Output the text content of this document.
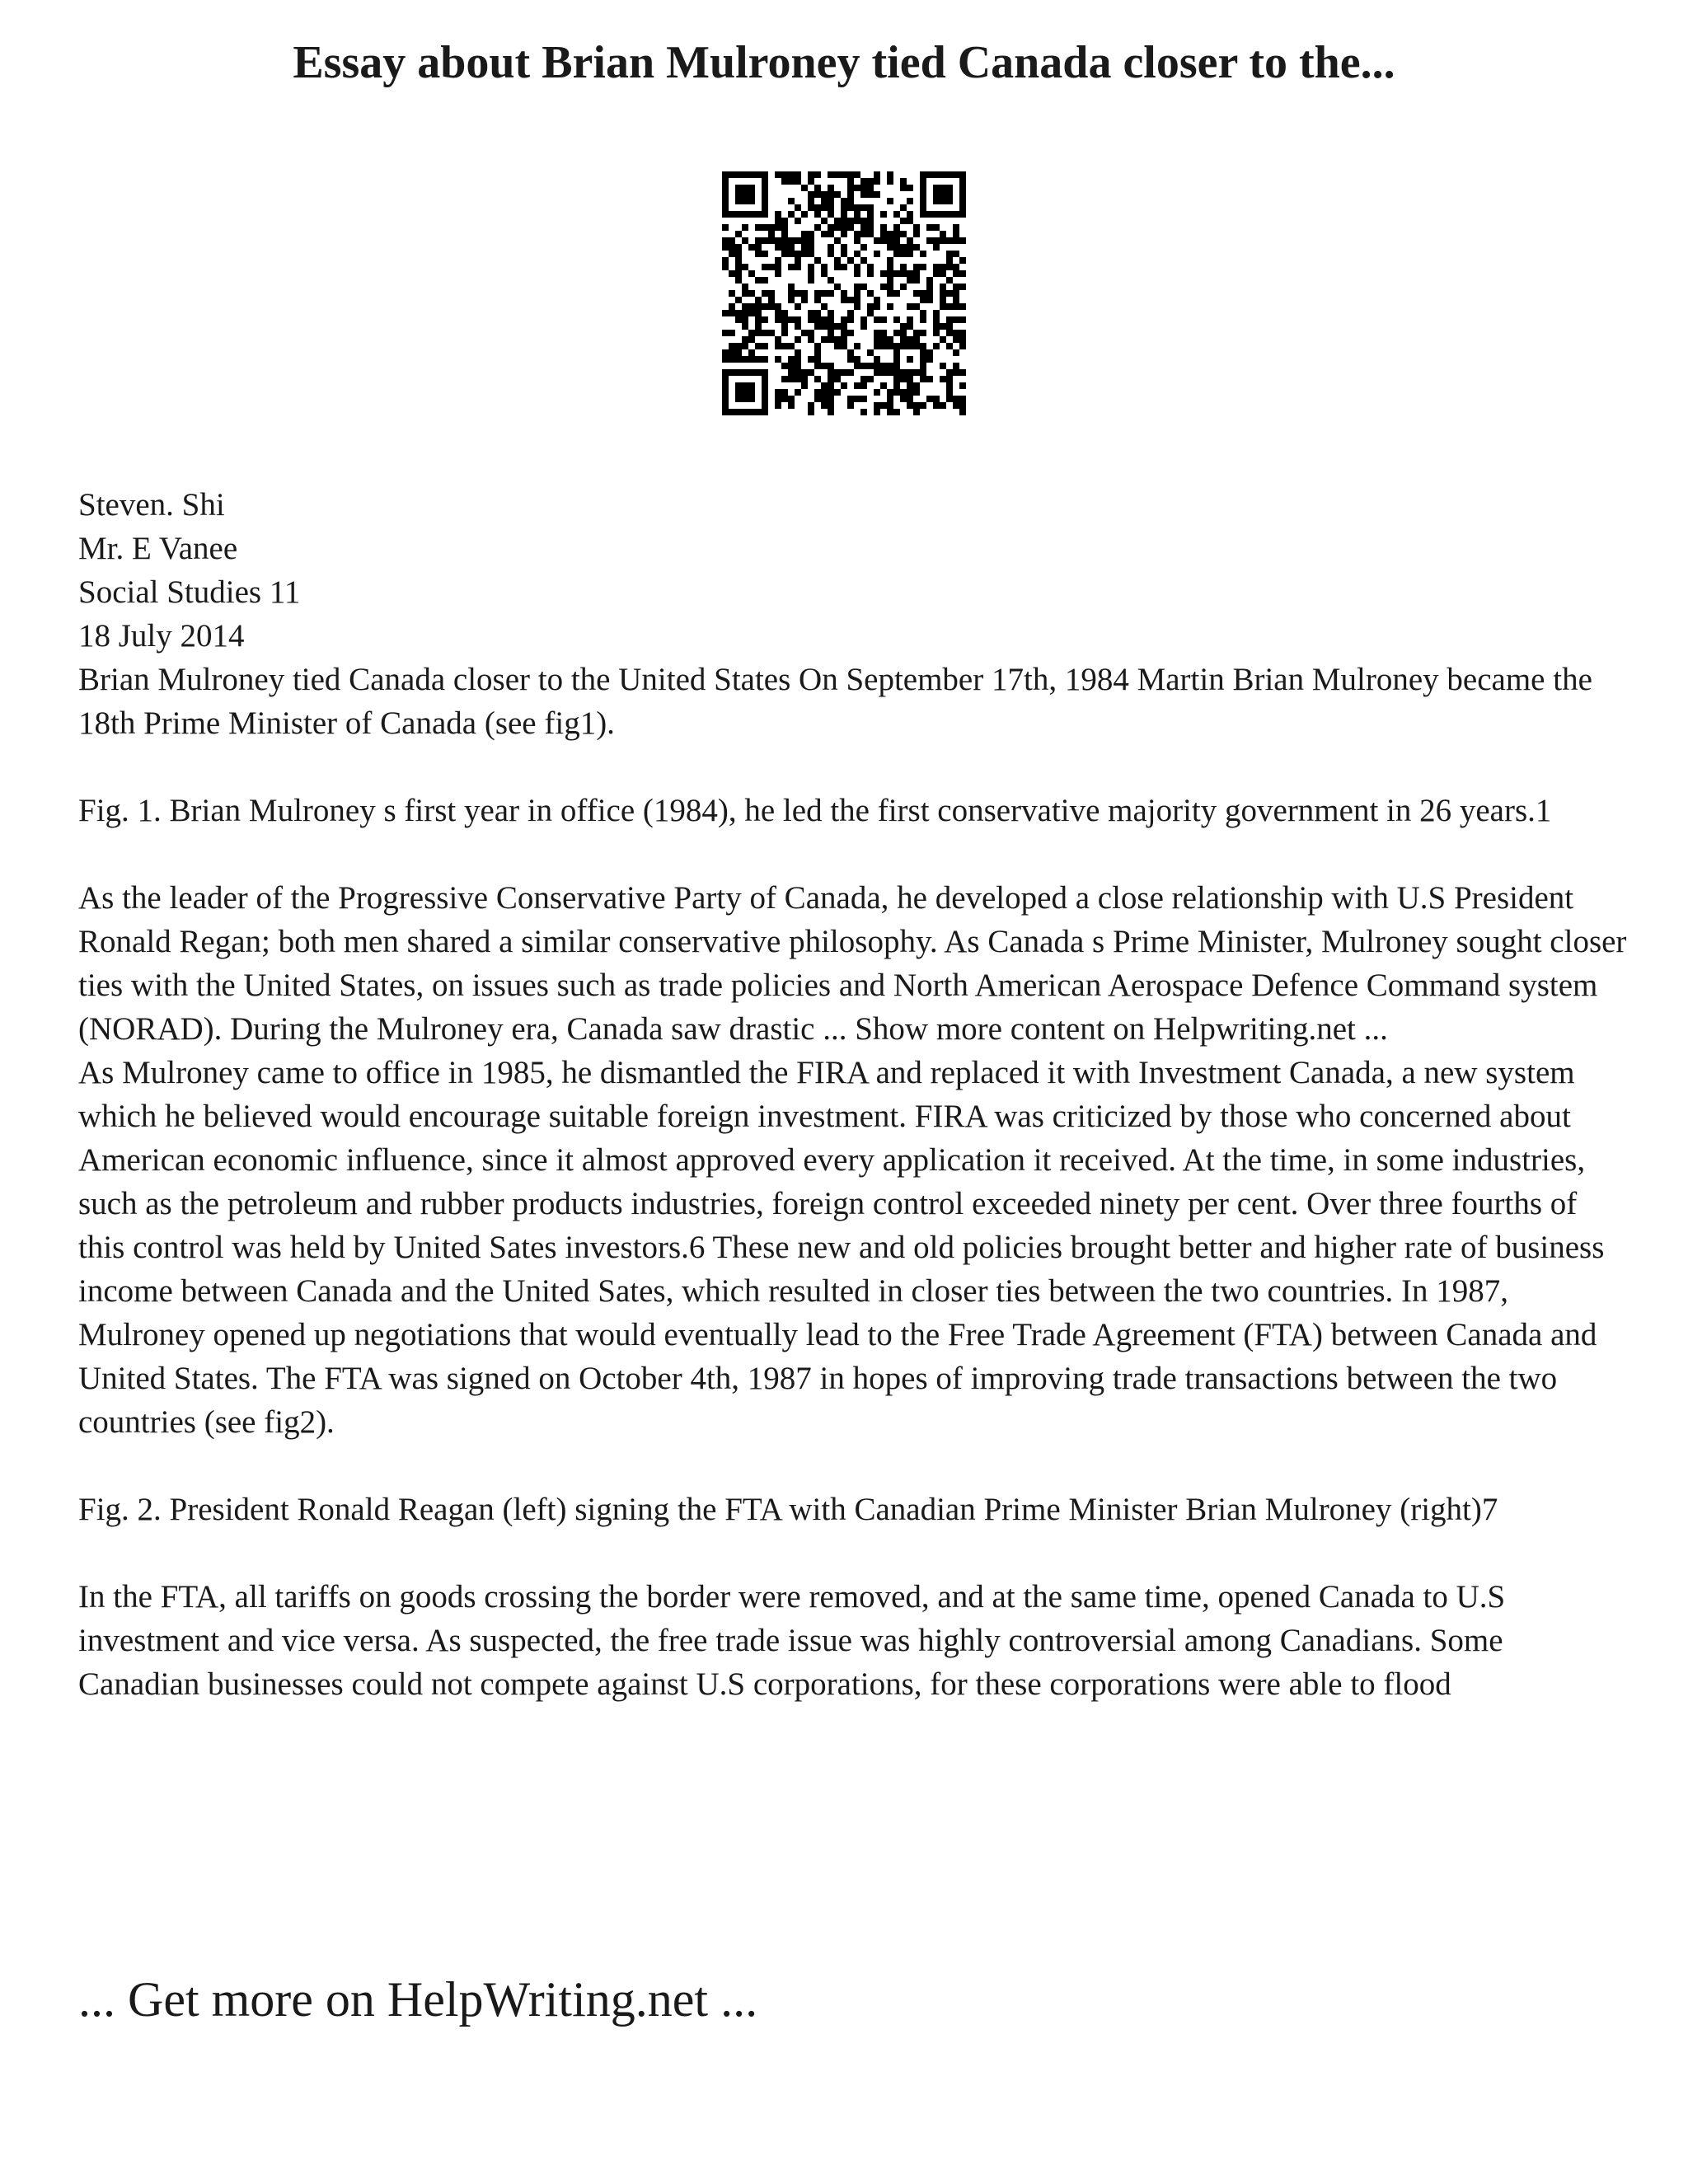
Essay about Brian Mulroney tied Canada closer to the...

Steven. Shi

Mr. E Vanee

Social Studies 11

18 July 2014

Brian Mulroney tied Canada closer to the United States On September 17th, 1984 Martin Brian Mulroney became the 18th Prime Minister of Canada (see fig1).

Fig. 1. Brian Mulroney s first year in office (1984), he led the first conservative majority government in 26 years.1

As the leader of the Progressive Conservative Party of Canada, he developed a close relationship with U.S President Ronald Regan; both men shared a similar conservative philosophy. As Canada s Prime Minister, Mulroney sought closer ties with the United States, on issues such as trade policies and North American Aerospace Defence Command system (NORAD). During the Mulroney era, Canada saw drastic ... Show more content on Helpwriting.net ...

As Mulroney came to office in 1985, he dismantled the FIRA and replaced it with Investment Canada, a new system which he believed would encourage suitable foreign investment. FIRA was criticized by those who concerned about American economic influence, since it almost approved every application it received. At the time, in some industries, such as the petroleum and rubber products industries, foreign control exceeded ninety per cent. Over three fourths of this control was held by United Sates investors.6 These new and old policies brought better and higher rate of business income between Canada and the United Sates, which resulted in closer ties between the two countries. In 1987, Mulroney opened up negotiations that would eventually lead to the Free Trade Agreement (FTA) between Canada and United States. The FTA was signed on October 4th, 1987 in hopes of improving trade transactions between the two countries (see fig2).

Fig. 2. President Ronald Reagan (left) signing the FTA with Canadian Prime Minister Brian Mulroney (right)7

In the FTA, all tariffs on goods crossing the border were removed, and at the same time, opened Canada to U.S investment and vice versa. As suspected, the free trade issue was highly controversial among Canadians. Some Canadian businesses could not compete against U.S corporations, for these corporations were able to flood

... Get more on HelpWriting.net ...
